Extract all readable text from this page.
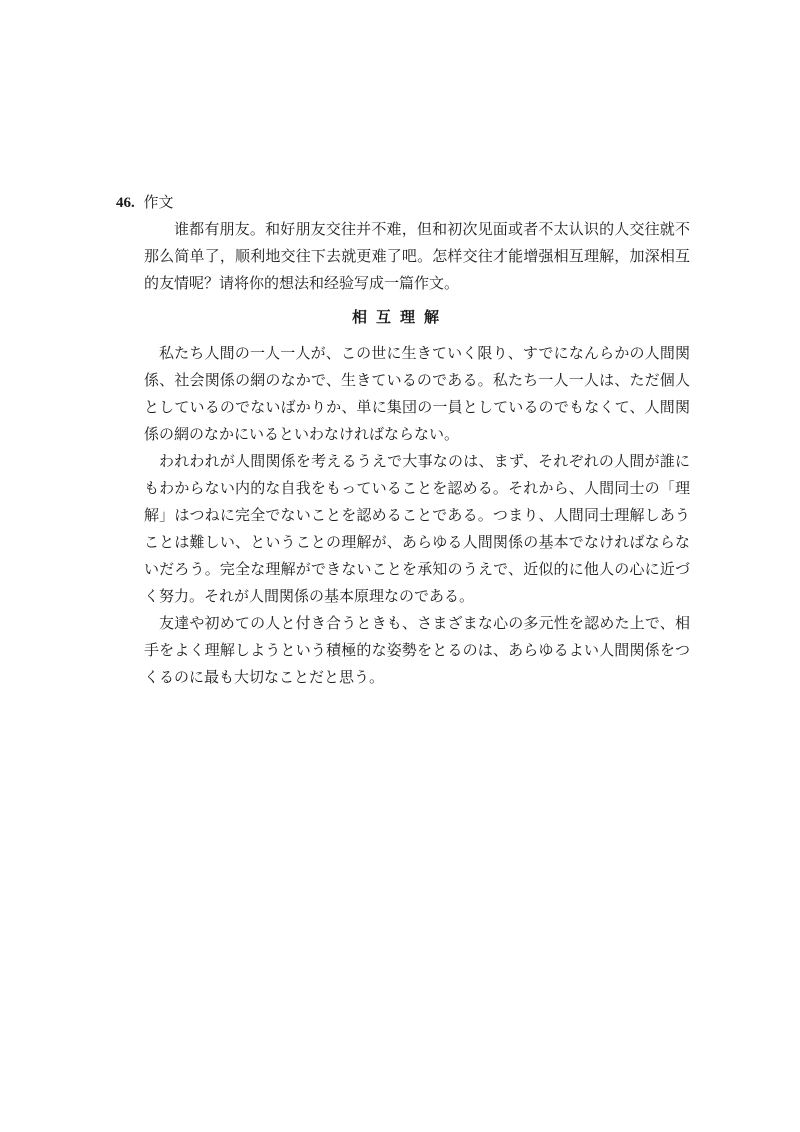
46. 作文
谁都有朋友。和好朋友交往并不难，但和初次见面或者不太认识的人交往就不那么简单了，顺利地交往下去就更难了吧。怎样交往才能增强相互理解，加深相互的友情呢？请将你的想法和经验写成一篇作文。
相互理解

私たち人間の一人一人が、この世に生きていく限り、すでになんらかの人間関係、社会関係の網のなかで、生きているのである。私たち一人一人は、ただ個人としているのでないばかりか、単に集団の一員としているのでもなくて、人間関係の網のなかにいるといわなければならない。

われわれが人間関係を考えるうえで大事なのは、まず、それぞれの人間が誰にもわからない内的な自我をもっていることを認める。それから、人間同士の「理解」はつねに完全でないことを認めることである。つまり、人間同士理解しあうことは難しい、ということの理解が、あらゆる人間関係の基本でなければならないだろう。完全な理解ができないことを承知のうえで、近似的に他人の心に近づく努力。それが人間関係の基本原理なのである。

友達や初めての人と付き合うときも、さまざまな心の多元性を認めた上で、相手をよく理解しようという積極的な姿勢をとるのは、あらゆるよい人間関係をつくるのに最も大切なことだと思う。
